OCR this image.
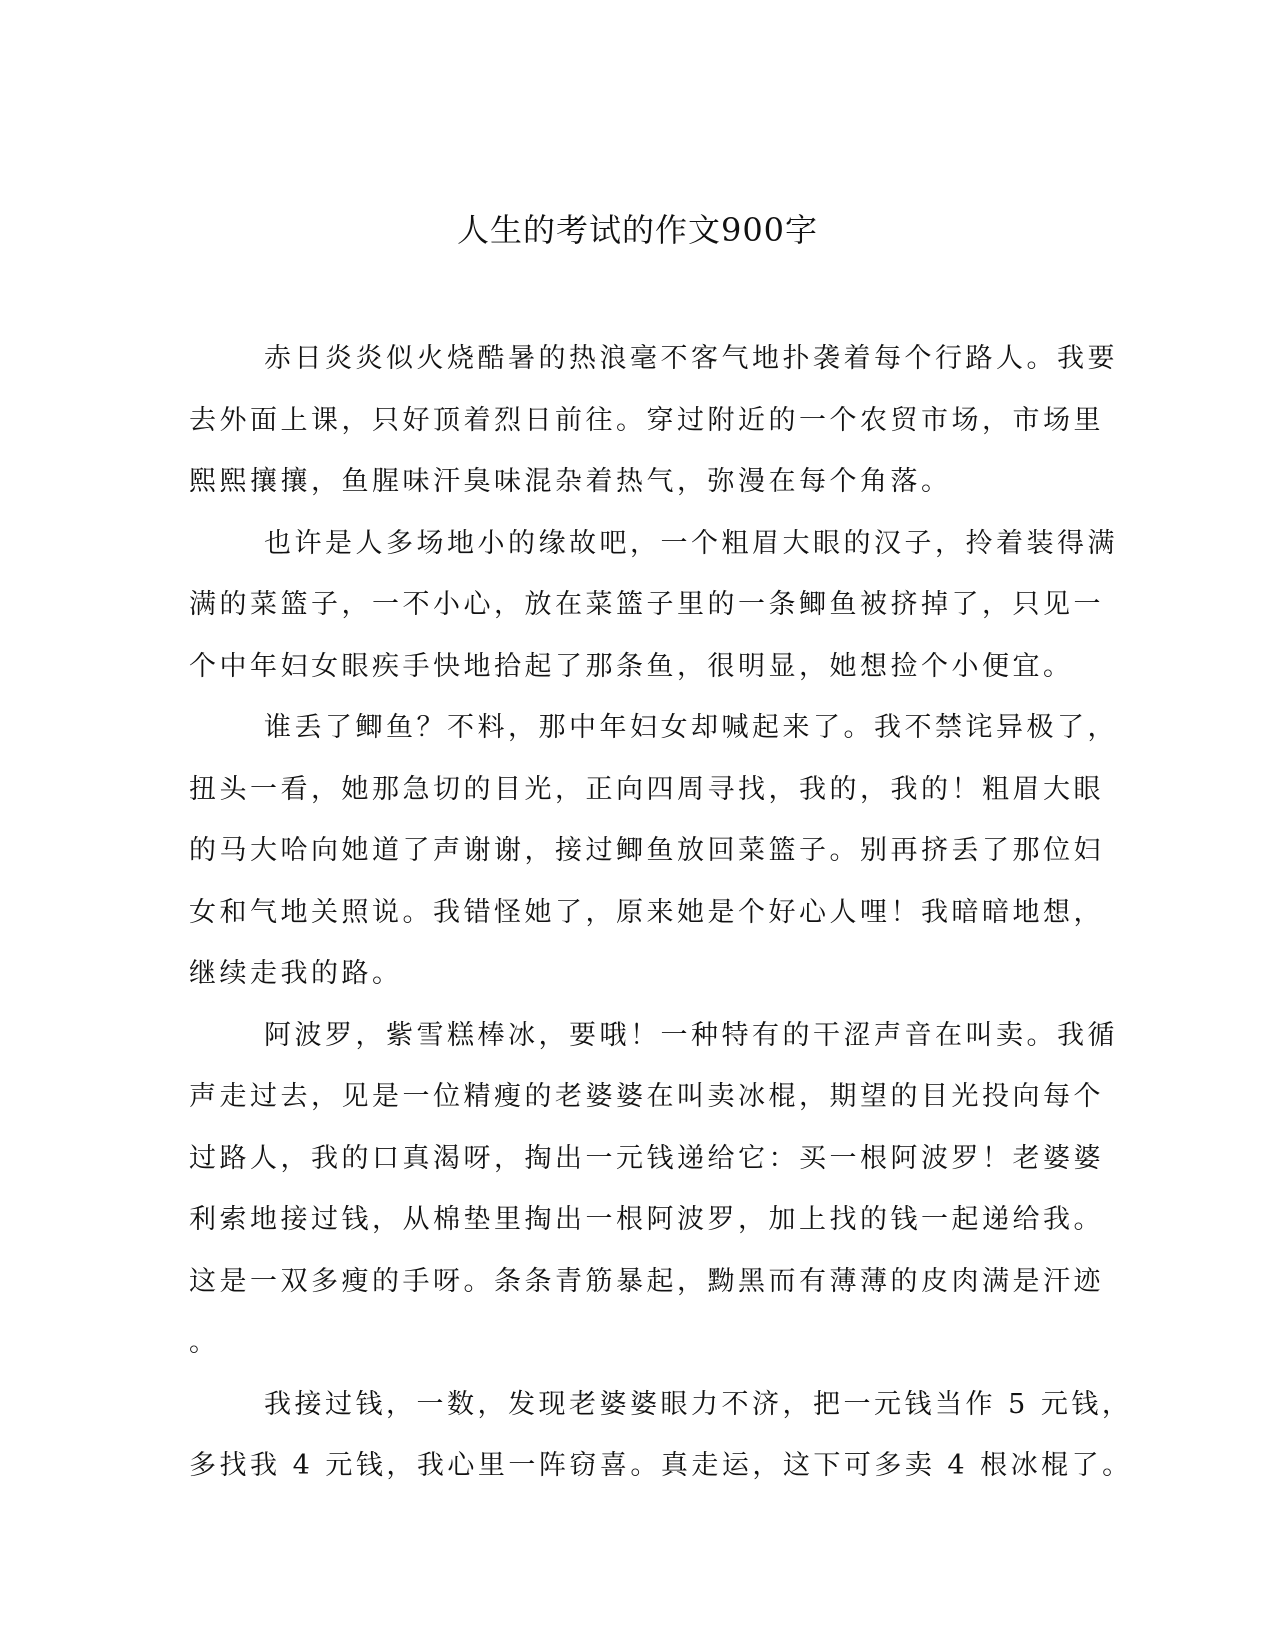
人生的考试的作文900字

赤日炎炎似火烧酷暑的热浪毫不客气地扑袭着每个行路人。我要
去外面上课，只好顶着烈日前往。穿过附近的一个农贸市场，市场里
熙熙攘攘，鱼腥味汗臭味混杂着热气，弥漫在每个角落。

也许是人多场地小的缘故吧，一个粗眉大眼的汉子，拎着装得满
满的菜篮子，一不小心，放在菜篮子里的一条鲫鱼被挤掉了，只见一
个中年妇女眼疾手快地拾起了那条鱼，很明显，她想捡个小便宜。

谁丢了鲫鱼？不料，那中年妇女却喊起来了。我不禁诧异极了，
扭头一看，她那急切的目光，正向四周寻找，我的，我的！粗眉大眼
的马大哈向她道了声谢谢，接过鲫鱼放回菜篮子。别再挤丢了那位妇
女和气地关照说。我错怪她了，原来她是个好心人哩！我暗暗地想，
继续走我的路。

阿波罗，紫雪糕棒冰，要哦！一种特有的干涩声音在叫卖。我循
声走过去，见是一位精瘦的老婆婆在叫卖冰棍，期望的目光投向每个
过路人，我的口真渴呀，掏出一元钱递给它：买一根阿波罗！老婆婆
利索地接过钱，从棉垫里掏出一根阿波罗，加上找的钱一起递给我。
这是一双多瘦的手呀。条条青筋暴起，黝黑而有薄薄的皮肉满是汗迹
。

我接过钱，一数，发现老婆婆眼力不济，把一元钱当作 5 元钱，
多找我 4 元钱，我心里一阵窃喜。真走运，这下可多卖 4 根冰棍了。
